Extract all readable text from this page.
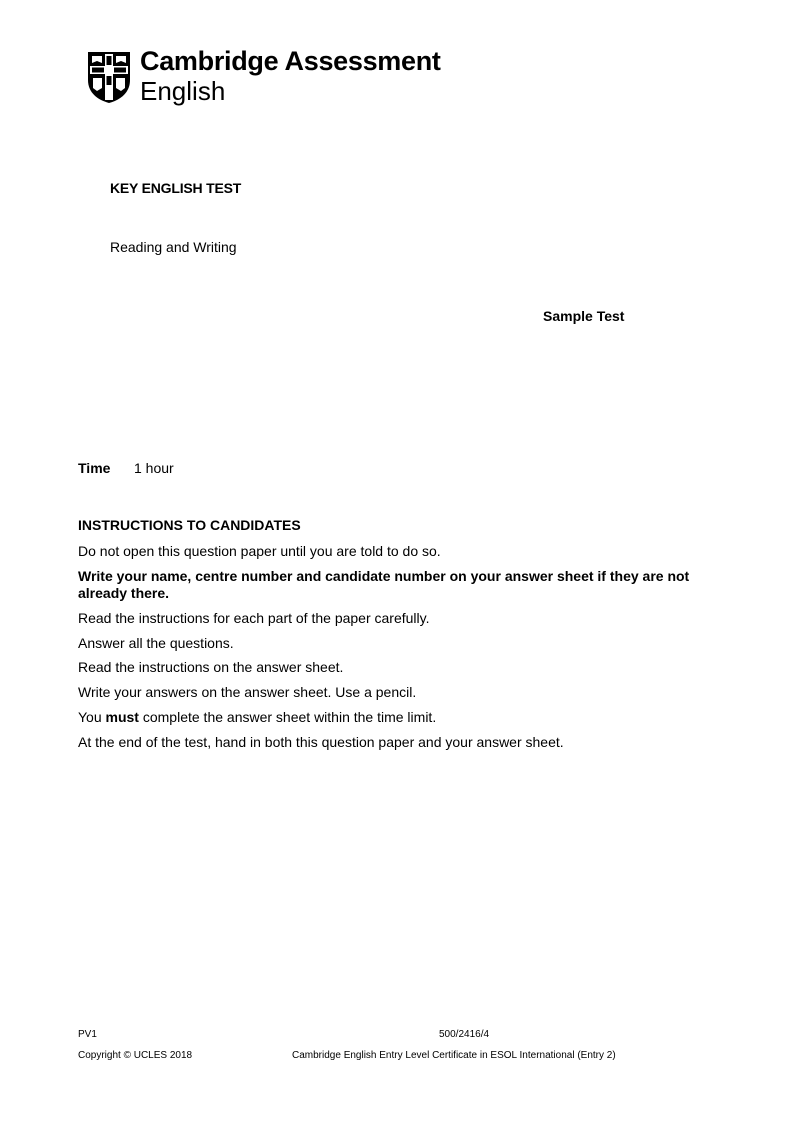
Cambridge Assessment
English
KEY ENGLISH TEST
Reading and Writing
Sample Test
Time 1 hour
INSTRUCTIONS TO CANDIDATES
Do not open this question paper until you are told to do so.
Write your name, centre number and candidate number on your answer sheet if they are not already there.
Read the instructions for each part of the paper carefully.
Answer all the questions.
Read the instructions on the answer sheet.
Write your answers on the answer sheet. Use a pencil.
You must complete the answer sheet within the time limit.
At the end of the test, hand in both this question paper and your answer sheet.
PV1	500/2416/4
Copyright © UCLES 2018	Cambridge English Entry Level Certificate in ESOL International (Entry 2)
